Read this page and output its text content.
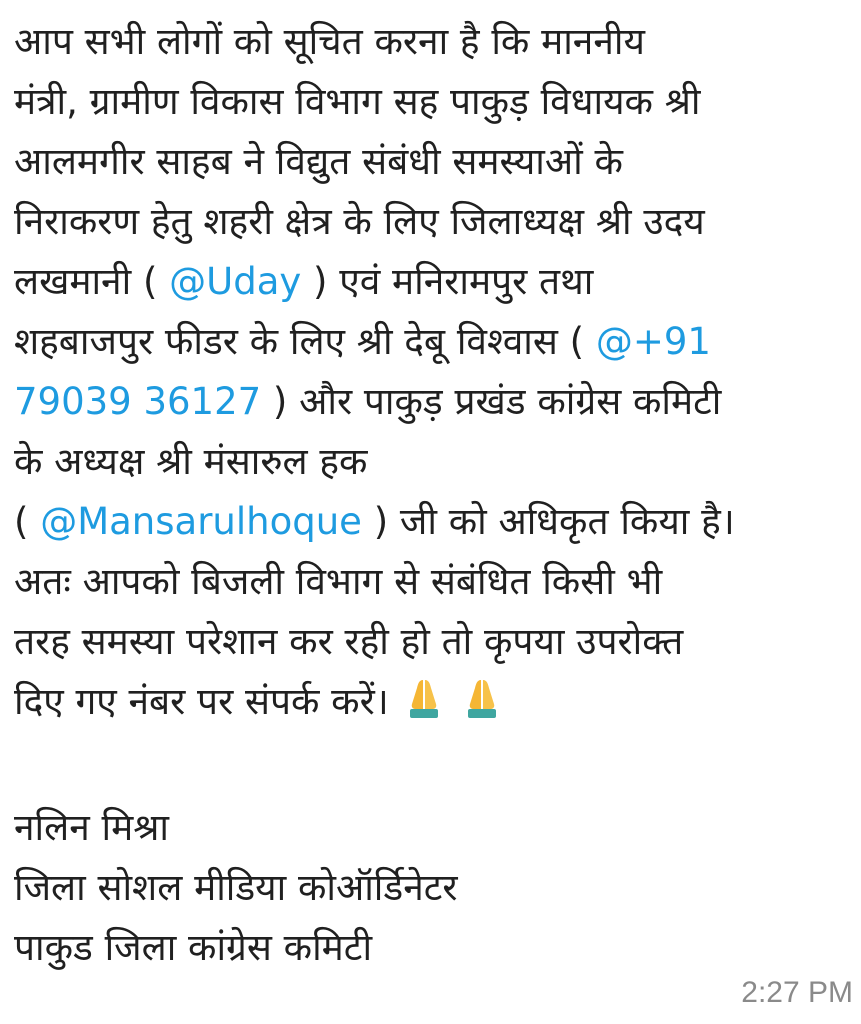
आप सभी लोगों को सूचित करना है कि माननीय
मंत्री, ग्रामीण विकास विभाग सह पाकुड़ विधायक श्री
आलमगीर साहब ने विद्युत संबंधी समस्याओं के
निराकरण हेतु शहरी क्षेत्र के लिए जिलाध्यक्ष श्री उदय
लखमानी ( @Uday ) एवं मनिरामपुर तथा
शहबाजपुर फीडर के लिए श्री देबू विश्वास ( @+91
79039 36127 ) और पाकुड़ प्रखंड कांग्रेस कमिटी
के अध्यक्ष श्री मंसारुल हक
( @Mansarulhoque ) जी को अधिकृत किया है।
अतः आपको बिजली विभाग से संबंधित किसी भी
तरह समस्या परेशान कर रही हो तो कृपया उपरोक्त
दिए गए नंबर पर संपर्क करें।
नलिन मिश्रा
जिला सोशल मीडिया कोऑर्डिनेटर
पाकुड जिला कांग्रेस कमिटी
2:27 PM
